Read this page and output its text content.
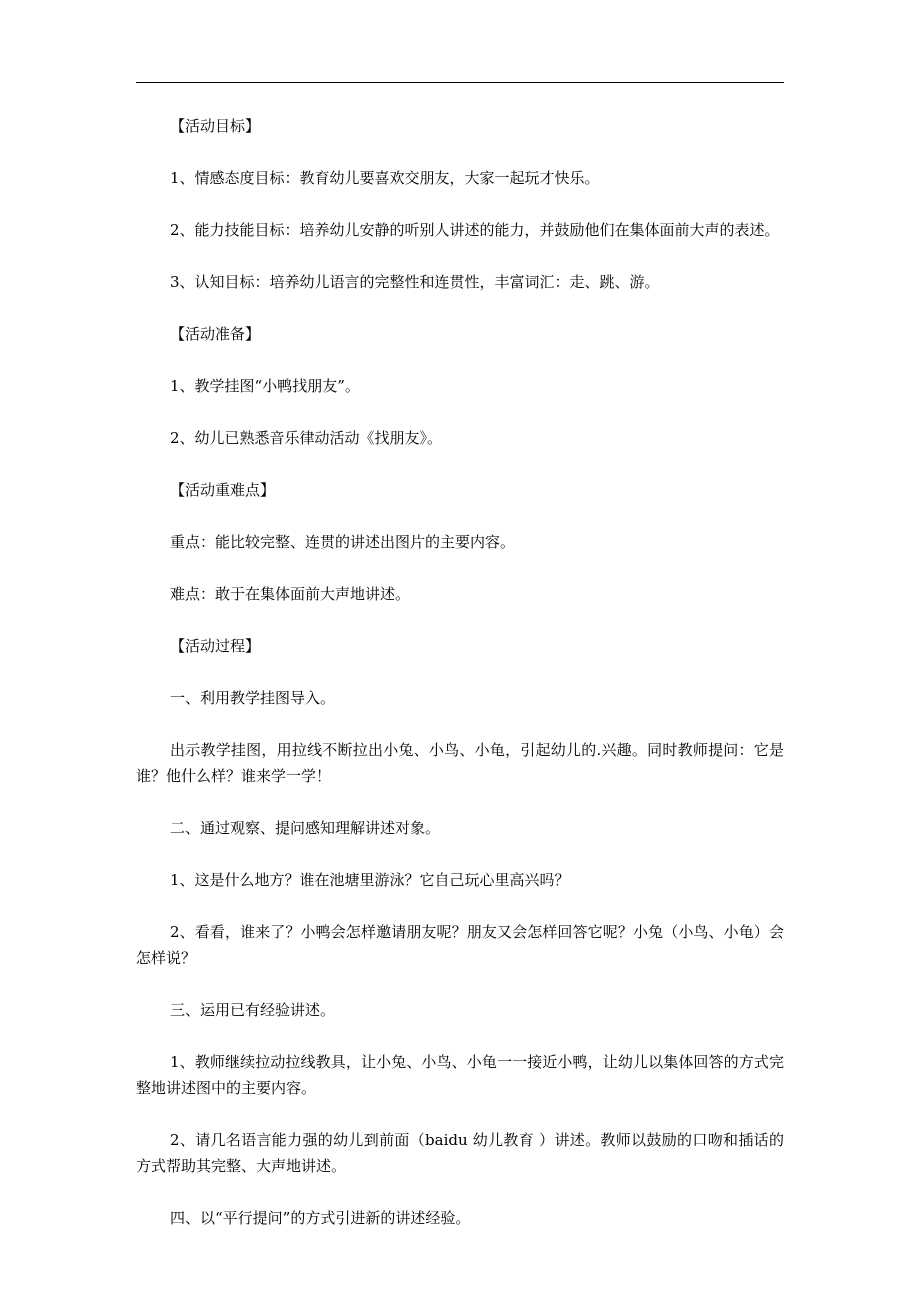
【活动目标】

1、情感态度目标：教育幼儿要喜欢交朋友，大家一起玩才快乐。

2、能力技能目标：培养幼儿安静的听别人讲述的能力，并鼓励他们在集体面前大声的表述。

3、认知目标：培养幼儿语言的完整性和连贯性，丰富词汇：走、跳、游。

【活动准备】

1、教学挂图“小鸭找朋友”。

2、幼儿已熟悉音乐律动活动《找朋友》。

【活动重难点】

重点：能比较完整、连贯的讲述出图片的主要内容。

难点：敢于在集体面前大声地讲述。

【活动过程】

一、利用教学挂图导入。

出示教学挂图，用拉线不断拉出小兔、小鸟、小龟，引起幼儿的.兴趣。同时教师提问：它是谁？他什么样？谁来学一学！

二、通过观察、提问感知理解讲述对象。

1、这是什么地方？谁在池塘里游泳？它自己玩心里高兴吗？

2、看看，谁来了？小鸭会怎样邀请朋友呢？朋友又会怎样回答它呢？小兔（小鸟、小龟）会怎样说？

三、运用已有经验讲述。

1、教师继续拉动拉线教具，让小兔、小鸟、小龟一一接近小鸭，让幼儿以集体回答的方式完整地讲述图中的主要内容。

2、请几名语言能力强的幼儿到前面（baidu 幼儿教育 ）讲述。教师以鼓励的口吻和插话的方式帮助其完整、大声地讲述。

四、以“平行提问”的方式引进新的讲述经验。
